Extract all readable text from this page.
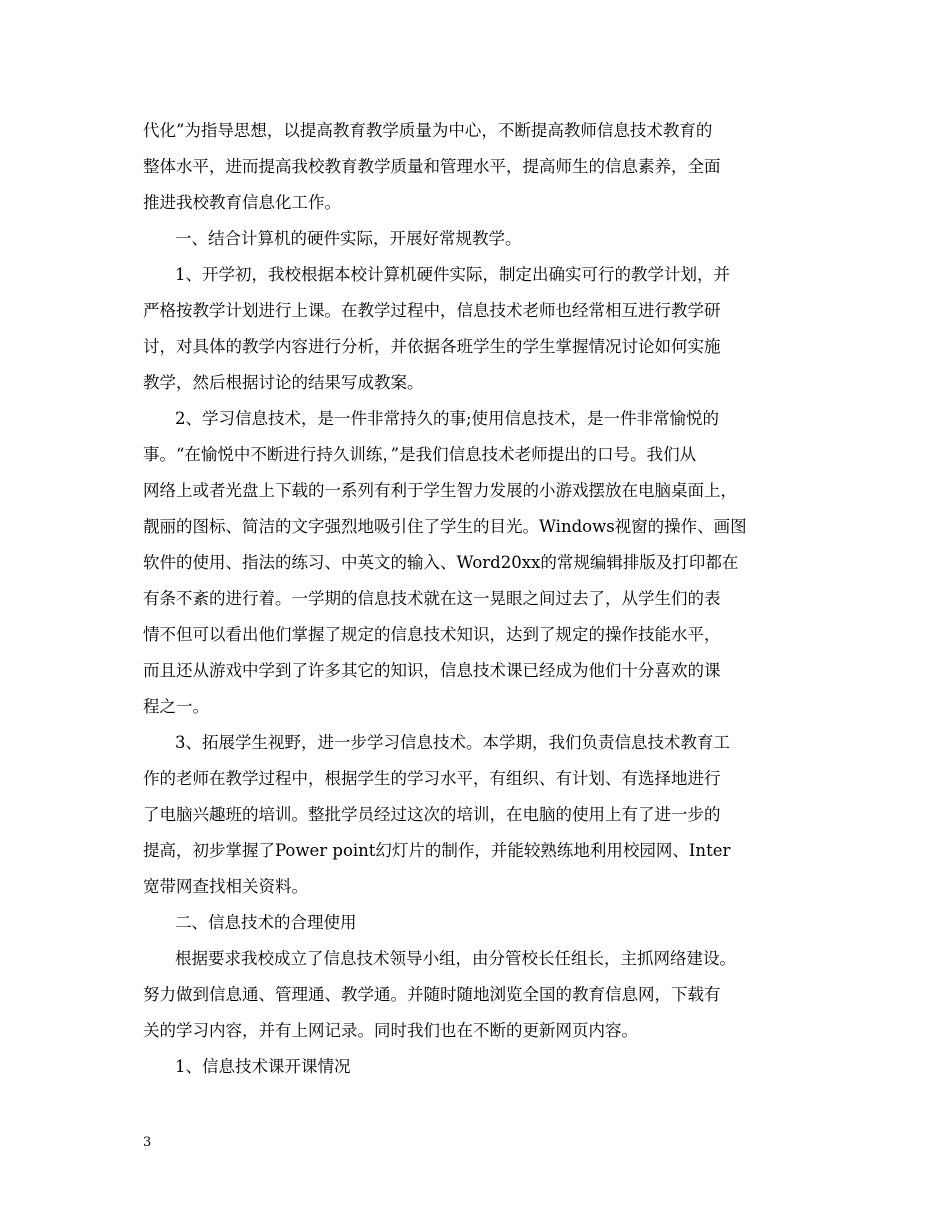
代化”为指导思想，以提高教育教学质量为中心，不断提高教师信息技术教育的
整体水平，进而提高我校教育教学质量和管理水平，提高师生的信息素养，全面
推进我校教育信息化工作。
一、结合计算机的硬件实际，开展好常规教学。
1、开学初，我校根据本校计算机硬件实际，制定出确实可行的教学计划，并
严格按教学计划进行上课。在教学过程中，信息技术老师也经常相互进行教学研
讨，对具体的教学内容进行分析，并依据各班学生的学生掌握情况讨论如何实施
教学，然后根据讨论的结果写成教案。
2、学习信息技术，是一件非常持久的事;使用信息技术，是一件非常愉悦的
事。“在愉悦中不断进行持久训练，”是我们信息技术老师提出的口号。我们从
网络上或者光盘上下载的一系列有利于学生智力发展的小游戏摆放在电脑桌面上，
靓丽的图标、简洁的文字强烈地吸引住了学生的目光。Windows视窗的操作、画图
软件的使用、指法的练习、中英文的输入、Word20xx的常规编辑排版及打印都在
有条不紊的进行着。一学期的信息技术就在这一晃眼之间过去了，从学生们的表
情不但可以看出他们掌握了规定的信息技术知识，达到了规定的操作技能水平，
而且还从游戏中学到了许多其它的知识，信息技术课已经成为他们十分喜欢的课
程之一。
3、拓展学生视野，进一步学习信息技术。本学期，我们负责信息技术教育工
作的老师在教学过程中，根据学生的学习水平，有组织、有计划、有选择地进行
了电脑兴趣班的培训。整批学员经过这次的培训，在电脑的使用上有了进一步的
提高，初步掌握了Power point幻灯片的制作，并能较熟练地利用校园网、Inter
宽带网查找相关资料。
二、信息技术的合理使用
根据要求我校成立了信息技术领导小组，由分管校长任组长，主抓网络建设。
努力做到信息通、管理通、教学通。并随时随地浏览全国的教育信息网，下载有
关的学习内容，并有上网记录。同时我们也在不断的更新网页内容。
1、信息技术课开课情况
3
